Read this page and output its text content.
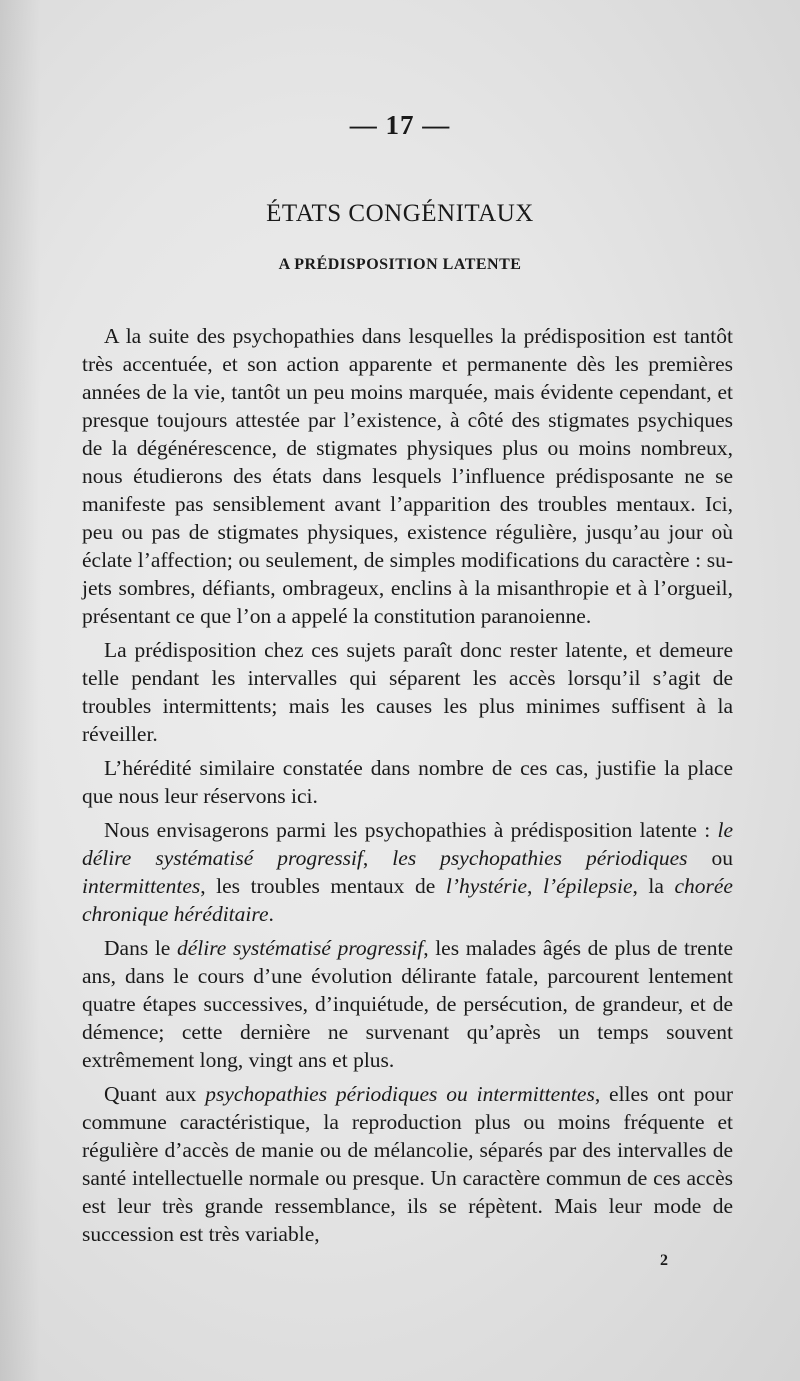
— 17 —
ÉTATS CONGÉNITAUX
A PRÉDISPOSITION LATENTE

A la suite des psychopathies dans lesquelles la prédisposition est tantôt très accentuée, et son action apparente et permanente dès les premières années de la vie, tantôt un peu moins marquée, mais évidente cependant, et presque toujours attestée par l’existence, à côté des stigmates psychiques de la dégénérescence, de stigmates physiques plus ou moins nombreux, nous étudierons des états dans lesquels l’influence prédisposante ne se manifeste pas sensiblement avant l’apparition des troubles mentaux. Ici, peu ou pas de stigmates physiques, existence régulière, jusqu’au jour où éclate l’affection; ou seulement, de simples modifications du caractère : sujets sombres, défiants, ombrageux, enclins à la misanthropie et à l’orgueil, présentant ce que l’on a appelé la constitution paranoienne.

La prédisposition chez ces sujets paraît donc rester latente, et demeure telle pendant les intervalles qui séparent les accès lorsqu’il s’agit de troubles intermittents; mais les causes les plus minimes suffisent à la réveiller.

L’hérédité similaire constatée dans nombre de ces cas, justifie la place que nous leur réservons ici.

Nous envisagerons parmi les psychopathies à prédisposition latente : le délire systématisé progressif, les psychopathies périodiques ou intermittentes, les troubles mentaux de l’hystérie, l’épilepsie, la chorée chronique héréditaire.

Dans le délire systématisé progressif, les malades âgés de plus de trente ans, dans le cours d’une évolution délirante fatale, parcourent lentement quatre étapes successives, d’inquiétude, de persécution, de grandeur, et de démence; cette dernière ne survenant qu’après un temps souvent extrêmement long, vingt ans et plus.

Quant aux psychopathies périodiques ou intermittentes, elles ont pour commune caractéristique, la reproduction plus ou moins fréquente et régulière d’accès de manie ou de mélancolie, séparés par des intervalles de santé intellectuelle normale ou presque. Un caractère commun de ces accès est leur très grande ressemblance, ils se répètent. Mais leur mode de succession est très variable,

2
